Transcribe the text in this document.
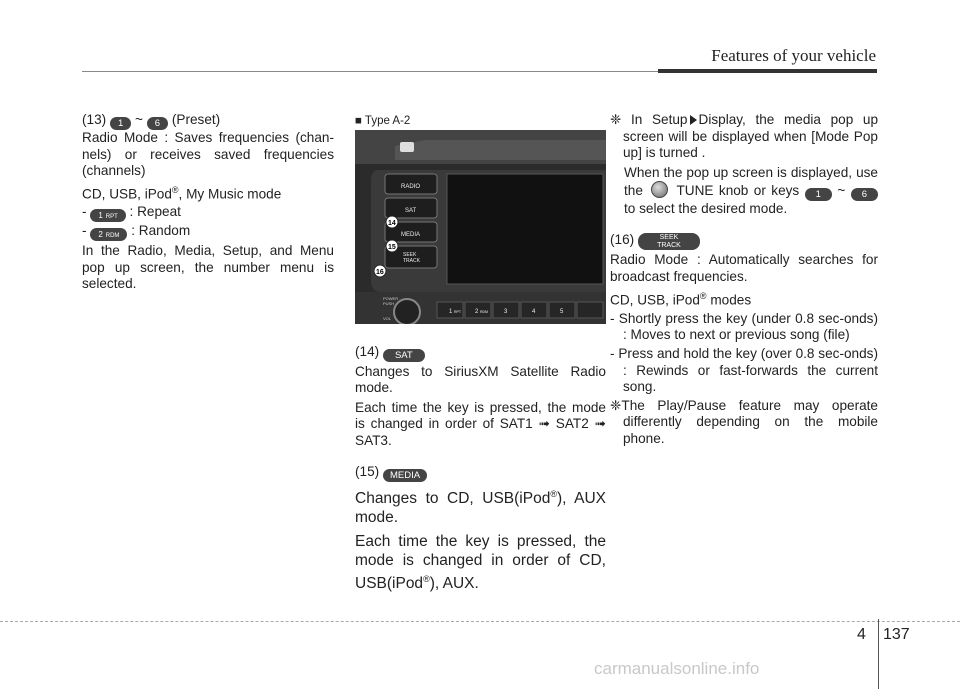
Features of your vehicle

(13) 1 ~ 6 (Preset)

Radio Mode : Saves frequencies (chan-nels) or receives saved frequencies (channels)

CD, USB, iPod®, My Music mode

- 1 RPT : Repeat

- 2 RDM : Random

In the Radio, Media, Setup, and Menu pop up screen, the number menu is selected.

■ Type A-2

RADIO
SAT
MEDIA
SEEK
TRACK
14
15
16
POWER
PUSH
VOL
1 RPT 2 RDM	3	4	5

(14) SAT

Changes to SiriusXM Satellite Radio mode.

Each time the key is pressed, the mode is changed in order of SAT1 ➟ SAT2 ➟ SAT3.

(15) MEDIA

Changes to CD, USB(iPod®), AUX mode.

Each time the key is pressed, the mode is changed in order of CD, USB(iPod®), AUX.

❈ In Setup Display, the media pop up screen will be displayed when [Mode Pop up] is turned .

When the pop up screen is displayed, use the TUNE knob or keys 1 ~ 6 to select the desired mode.

(16)	SEEK
TRACK

Radio Mode : Automatically searches for broadcast frequencies.

CD, USB, iPod® modes

- Shortly press the key (under 0.8 sec-onds) : Moves to next or previous song (file)

- Press and hold the key (over 0.8 sec-onds) : Rewinds or fast-forwards the current song.

❈The Play/Pause feature may operate differently depending on the mobile phone.

4 137
carmanualsonline.info
